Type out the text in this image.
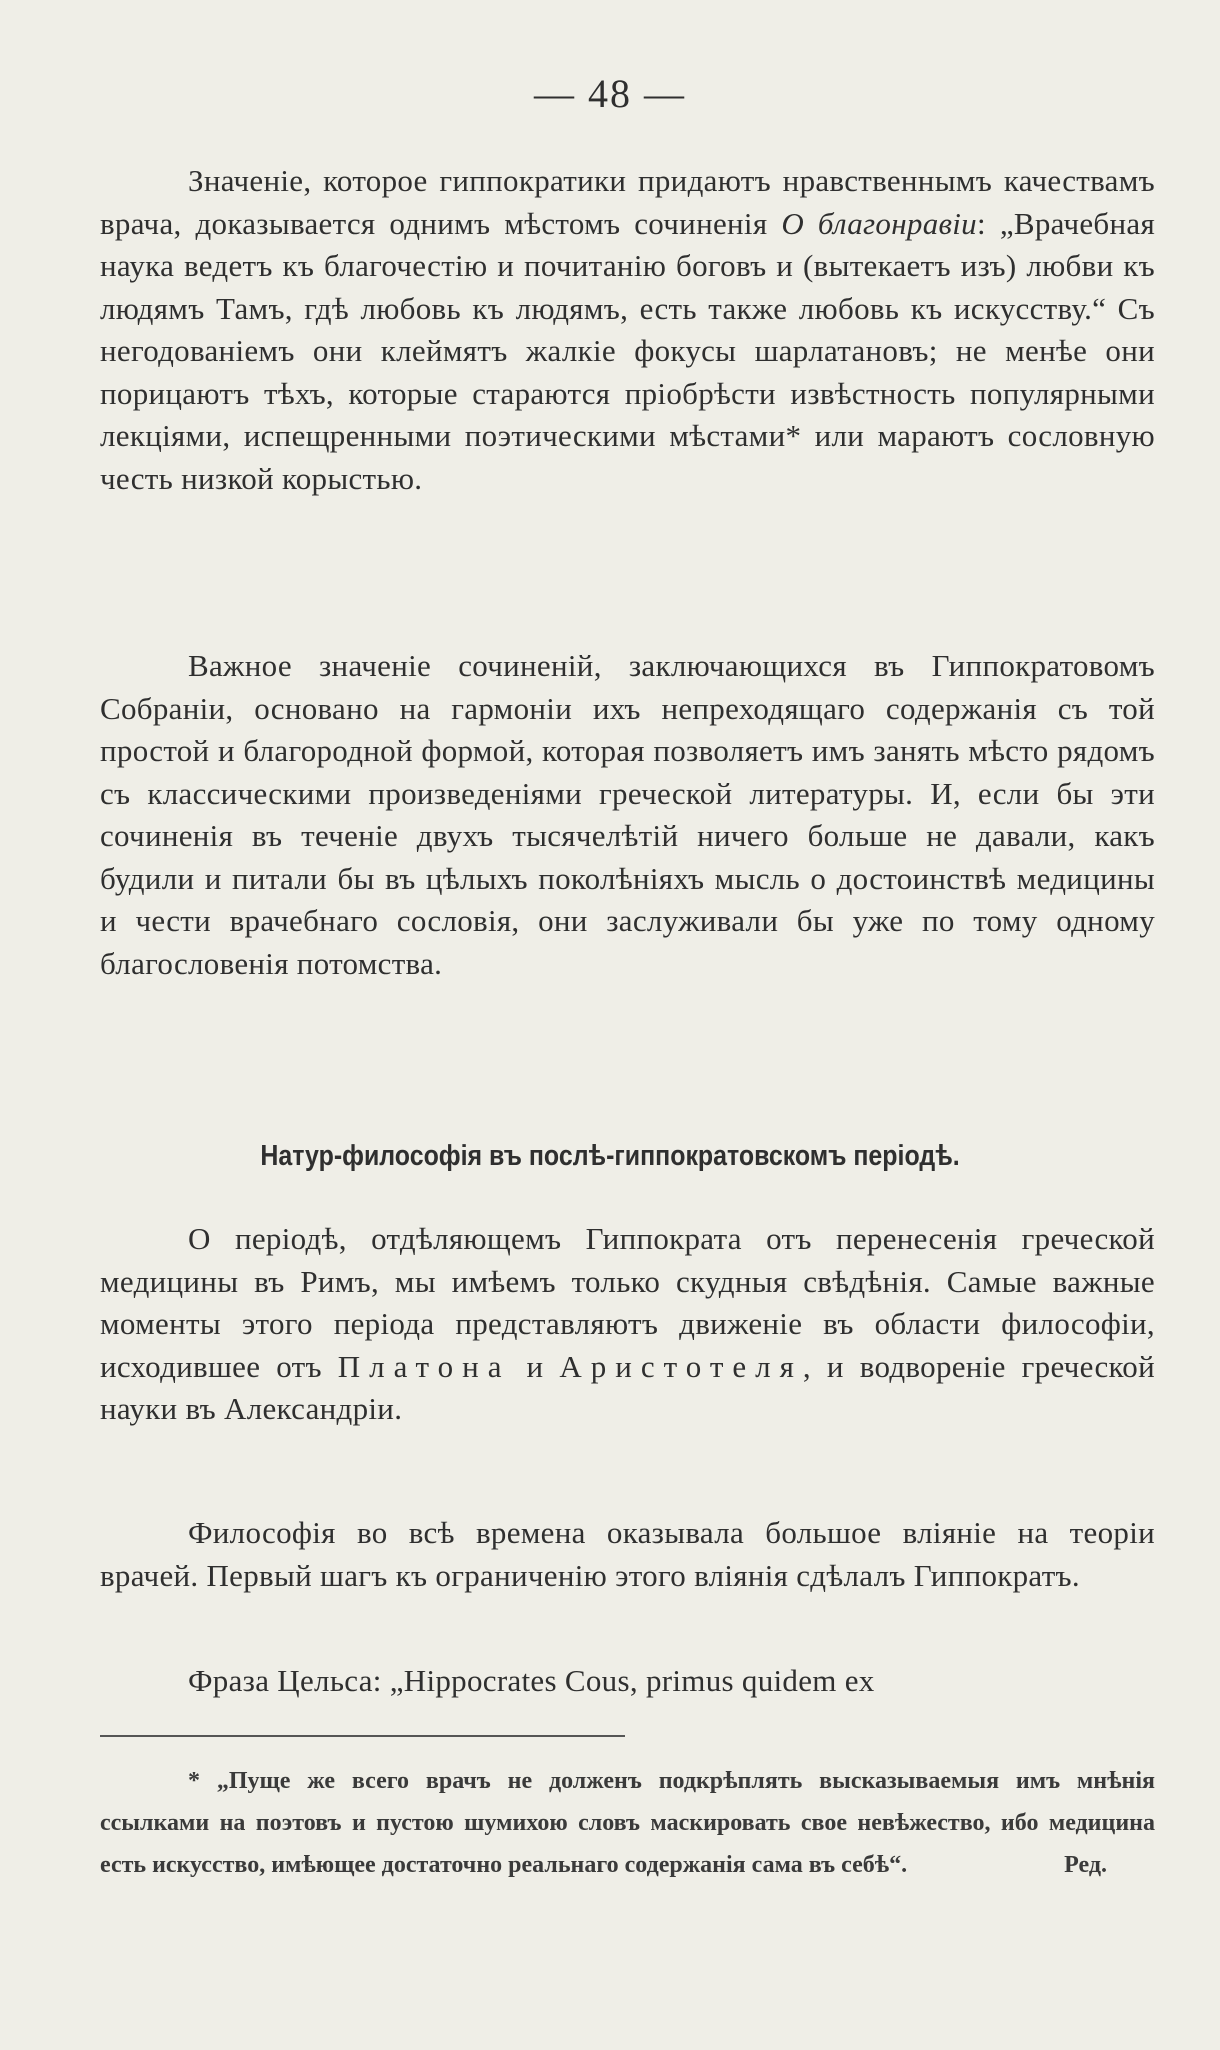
— 48 —

Значеніе, которое гиппократики придаютъ нравственнымъ качествамъ врача, доказывается однимъ мѣстомъ сочиненія О благонравіи: „Врачебная наука ведетъ къ благочестію и почитанію боговъ и (вытекаетъ изъ) любви къ людямъ Тамъ, гдѣ любовь къ людямъ, есть также любовь къ искусству.“ Съ негодованіемъ они клеймятъ жалкіе фокусы шарлатановъ; не менѣе они порицаютъ тѣхъ, которые стараются пріобрѣсти извѣстность популярными лекціями, испещренными поэтическими мѣстами* или мараютъ сословную честь низкой корыстью.

Важное значеніе сочиненій, заключающихся въ Гиппократовомъ Собраніи, основано на гармоніи ихъ непреходящаго содержанія съ той простой и благородной формой, которая позволяетъ имъ занять мѣсто рядомъ съ классическими произведеніями греческой литературы. И, если бы эти сочиненія въ теченіе двухъ тысячелѣтій ничего больше не давали, какъ будили и питали бы въ цѣлыхъ поколѣніяхъ мысль о достоинствѣ медицины и чести врачебнаго сословія, они заслуживали бы уже по тому одному благословенія потомства.

Натур-философія въ послѣ-гиппократовскомъ періодѣ.

О періодѣ, отдѣляющемъ Гиппократа отъ перенесенія греческой медицины въ Римъ, мы имѣемъ только скудныя свѣдѣнія. Самые важные моменты этого періода представляютъ движеніе въ области философіи, исходившее отъ Платона и Аристотеля, и водвореніе греческой науки въ Александріи.

Философія во всѣ времена оказывала большое вліяніе на теоріи врачей. Первый шагъ къ ограниченію этого вліянія сдѣлалъ Гиппократъ.

Фраза Цельса: „Hippocrates Cous, primus quidem ex

* „Пуще же всего врачъ не долженъ подкрѣплять высказываемыя имъ мнѣнія ссылками на поэтовъ и пустою шумихою словъ маскировать свое невѣжество, ибо медицина есть искусство, имѣющее достаточно реальнаго содержанія сама въ себѣ“.	Ред.
